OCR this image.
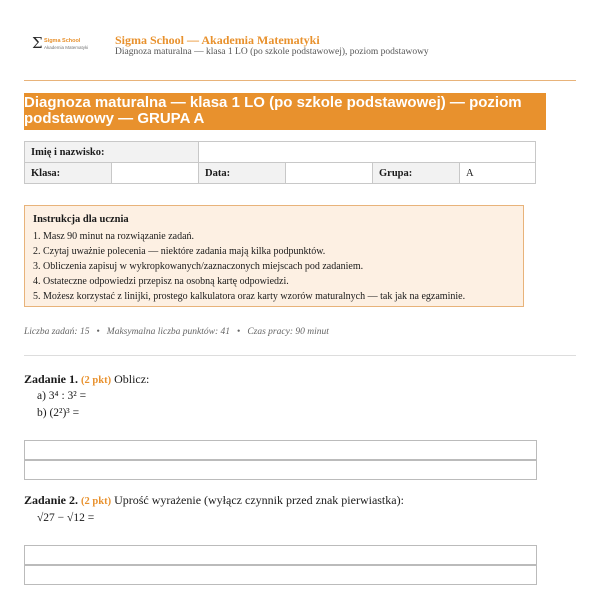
Σ Sigma School
Akademia Matematyki
Sigma School — Akademia Matematyki
Diagnoza maturalna — klasa 1 LO (po szkole podstawowej), poziom podstawowy
Diagnoza maturalna — klasa 1 LO (po szkole podstawowej) — poziom
podstawowy — GRUPA A
Imię i nazwisko:					
Klasa:		Data:		Grupa:	A
Instrukcja dla ucznia
1. Masz 90 minut na rozwiązanie zadań.
2. Czytaj uważnie polecenia — niektóre zadania mają kilka podpunktów.
3. Obliczenia zapisuj w wykropkowanych/zaznaczonych miejscach pod zadaniem.
4. Ostateczne odpowiedzi przepisz na osobną kartę odpowiedzi.
5. Możesz korzystać z linijki, prostego kalkulatora oraz karty wzorów maturalnych — tak jak na egzaminie.
Liczba zadań: 15 • Maksymalna liczba punktów: 41 • Czas pracy: 90 minut
Zadanie 1. (2 pkt) Oblicz:
a) 3⁴ : 3² =
b) (2²)³ =
Zadanie 2. (2 pkt) Uprość wyrażenie (wyłącz czynnik przed znak pierwiastka):
√27 − √12 =
